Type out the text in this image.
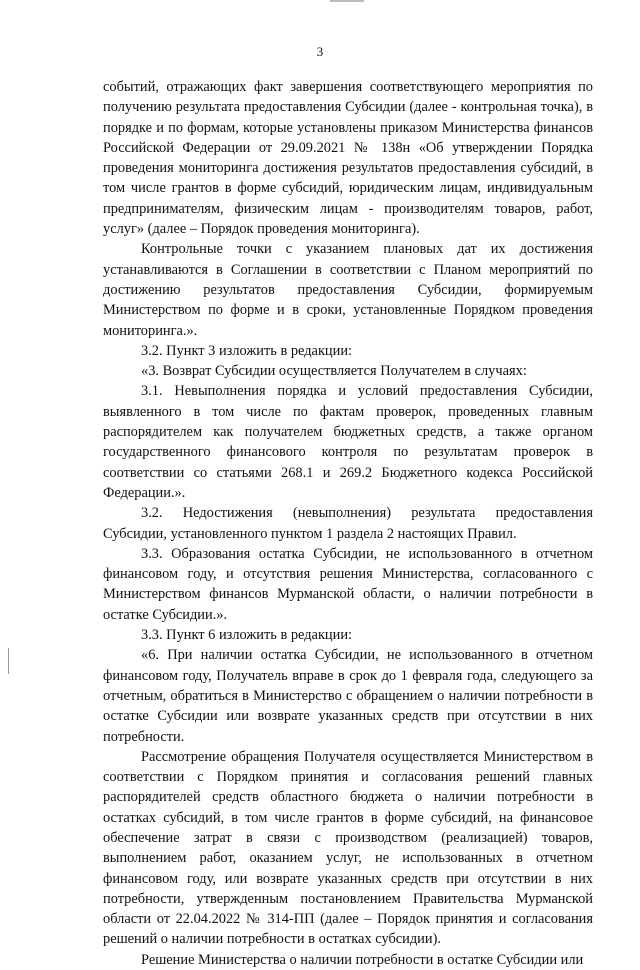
3

событий, отражающих факт завершения соответствующего мероприятия по получению результата предоставления Субсидии (далее - контрольная точка), в порядке и по формам, которые установлены приказом Министерства финансов Российской Федерации от 29.09.2021 № 138н «Об утверждении Порядка проведения мониторинга достижения результатов предоставления субсидий, в том числе грантов в форме субсидий, юридическим лицам, индивидуальным предпринимателям, физическим лицам - производителям товаров, работ, услуг» (далее – Порядок проведения мониторинга).

Контрольные точки с указанием плановых дат их достижения устанавливаются в Соглашении в соответствии с Планом мероприятий по достижению результатов предоставления Субсидии, формируемым Министерством по форме и в сроки, установленные Порядком проведения мониторинга.».

3.2. Пункт 3 изложить в редакции:

«3. Возврат Субсидии осуществляется Получателем в случаях:

3.1. Невыполнения порядка и условий предоставления Субсидии, выявленного в том числе по фактам проверок, проведенных главным распорядителем как получателем бюджетных средств, а также органом государственного финансового контроля по результатам проверок в соответствии со статьями 268.1 и 269.2 Бюджетного кодекса Российской Федерации.».

3.2. Недостижения (невыполнения) результата предоставления Субсидии, установленного пунктом 1 раздела 2 настоящих Правил.

3.3. Образования остатка Субсидии, не использованного в отчетном финансовом году, и отсутствия решения Министерства, согласованного с Министерством финансов Мурманской области, о наличии потребности в остатке Субсидии.».

3.3. Пункт 6 изложить в редакции:

«6. При наличии остатка Субсидии, не использованного в отчетном финансовом году, Получатель вправе в срок до 1 февраля года, следующего за отчетным, обратиться в Министерство с обращением о наличии потребности в остатке Субсидии или возврате указанных средств при отсутствии в них потребности.

Рассмотрение обращения Получателя осуществляется Министерством в соответствии с Порядком принятия и согласования решений главных распорядителей средств областного бюджета о наличии потребности в остатках субсидий, в том числе грантов в форме субсидий, на финансовое обеспечение затрат в связи с производством (реализацией) товаров, выполнением работ, оказанием услуг, не использованных в отчетном финансовом году, или возврате указанных средств при отсутствии в них потребности, утвержденным постановлением Правительства Мурманской области от 22.04.2022 № 314-ПП (далее – Порядок принятия и согласования решений о наличии потребности в остатках субсидии).

Решение Министерства о наличии потребности в остатке Субсидии или
